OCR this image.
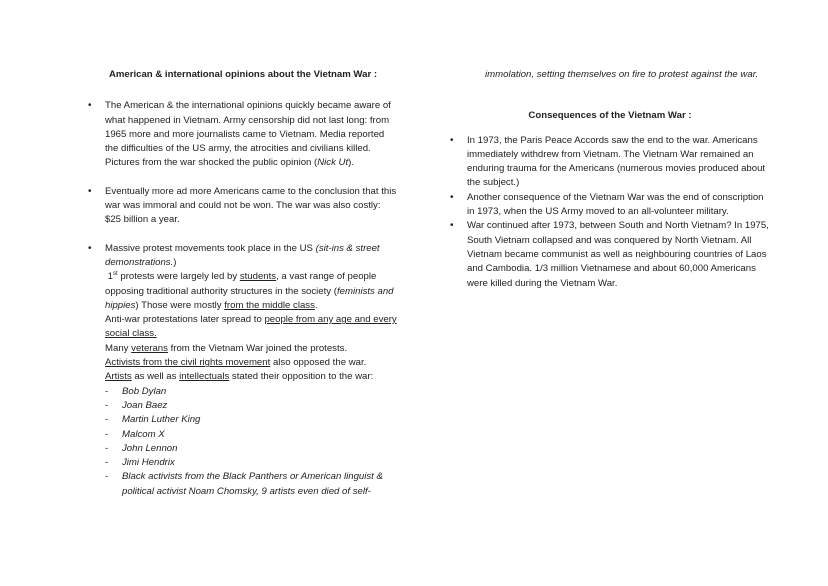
American & international opinions about the Vietnam War :

• The American & the international opinions quickly became aware of what happened in Vietnam. Army censorship did not last long: from 1965 more and more journalists came to Vietnam. Media reported the difficulties of the US army, the atrocities and civilians killed. Pictures from the war shocked the public opinion (Nick Ut).
• Eventually more ad more Americans came to the conclusion that this war was immoral and could not be won. The war was also costly: $25 billion a year.

• Massive protest movements took place in the US (sit-ins & street demonstrations.)

1st protests were largely led by students, a vast range of people opposing traditional authority structures in the society (feminists and hippies) Those were mostly from the middle class.

Anti-war protestations later spread to people from any age and every social class.

Many veterans from the Vietnam War joined the protests.

Activists from the civil rights movement also opposed the war.

Artists as well as intellectuals stated their opposition to the war:

- Bob Dylan
- Joan Baez
- Martin Luther King
- Malcom X
- John Lennon
- Jimi Hendrix
- Black activists from the Black Panthers or American linguist & political activist Noam Chomsky, 9 artists even died of self-

immolation, setting themselves on fire to protest against the war.

Consequences of the Vietnam War :

• In 1973, the Paris Peace Accords saw the end to the war. Americans immediately withdrew from Vietnam. The Vietnam War remained an enduring trauma for the Americans (numerous movies produced about the subject.)
• Another consequence of the Vietnam War was the end of conscription in 1973, when the US Army moved to an all-volunteer military.
• War continued after 1973, between South and North Vietnam? In 1975, South Vietnam collapsed and was conquered by North Vietnam. All Vietnam became communist as well as neighbouring countries of Laos and Cambodia. 1/3 million Vietnamese and about 60,000 Americans were killed during the Vietnam War.
